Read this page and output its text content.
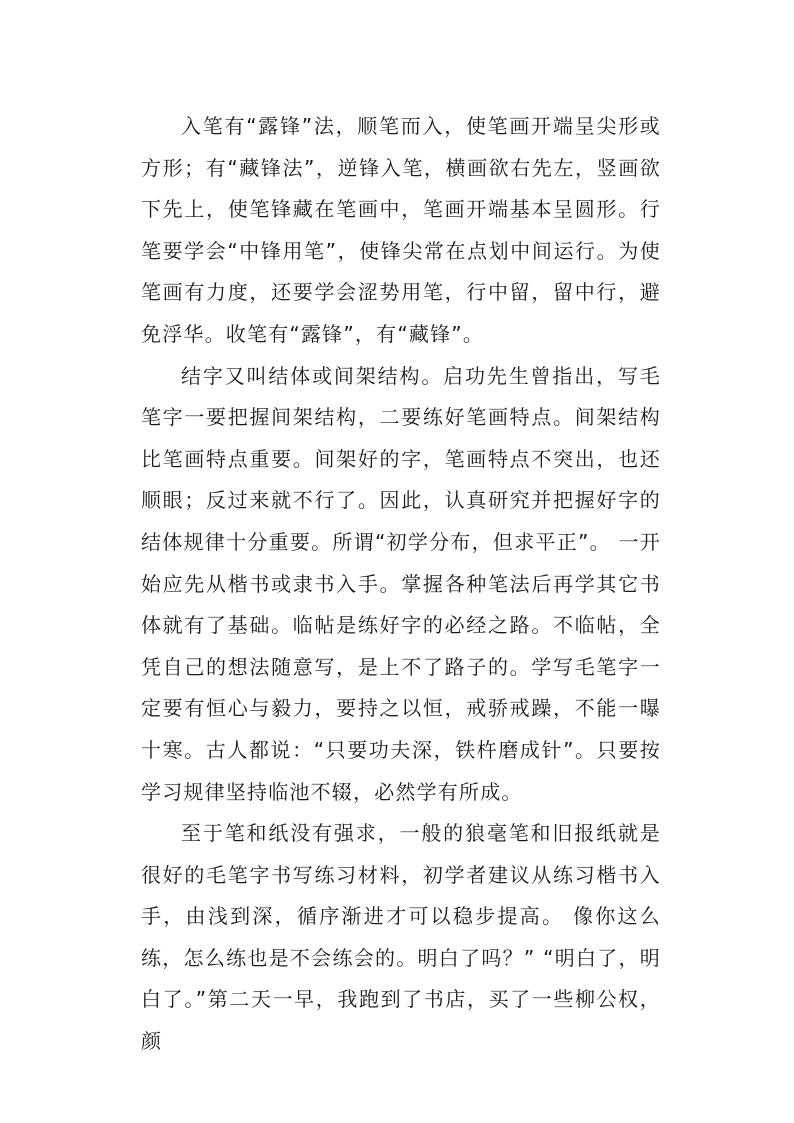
入笔有“露锋”法，顺笔而入，使笔画开端呈尖形或方形；有“藏锋法”，逆锋入笔，横画欲右先左，竖画欲下先上，使笔锋藏在笔画中，笔画开端基本呈圆形。行笔要学会“中锋用笔”，使锋尖常在点划中间运行。为使笔画有力度，还要学会涩势用笔，行中留，留中行，避免浮华。收笔有“露锋”，有“藏锋”。

结字又叫结体或间架结构。启功先生曾指出，写毛笔字一要把握间架结构，二要练好笔画特点。间架结构比笔画特点重要。间架好的字，笔画特点不突出，也还顺眼；反过来就不行了。因此，认真研究并把握好字的结体规律十分重要。所谓“初学分布，但求平正”。 一开始应先从楷书或隶书入手。掌握各种笔法后再学其它书体就有了基础。临帖是练好字的必经之路。不临帖，全凭自己的想法随意写，是上不了路子的。学写毛笔字一定要有恒心与毅力，要持之以恒，戒骄戒躁，不能一曝十寒。古人都说：“只要功夫深，铁杵磨成针”。只要按学习规律坚持临池不辍，必然学有所成。

至于笔和纸没有强求，一般的狼毫笔和旧报纸就是很好的毛笔字书写练习材料，初学者建议从练习楷书入手，由浅到深，循序渐进才可以稳步提高。 像你这么练，怎么练也是不会练会的。明白了吗？” “明白了，明白了。”第二天一早，我跑到了书店，买了一些柳公权，颜
